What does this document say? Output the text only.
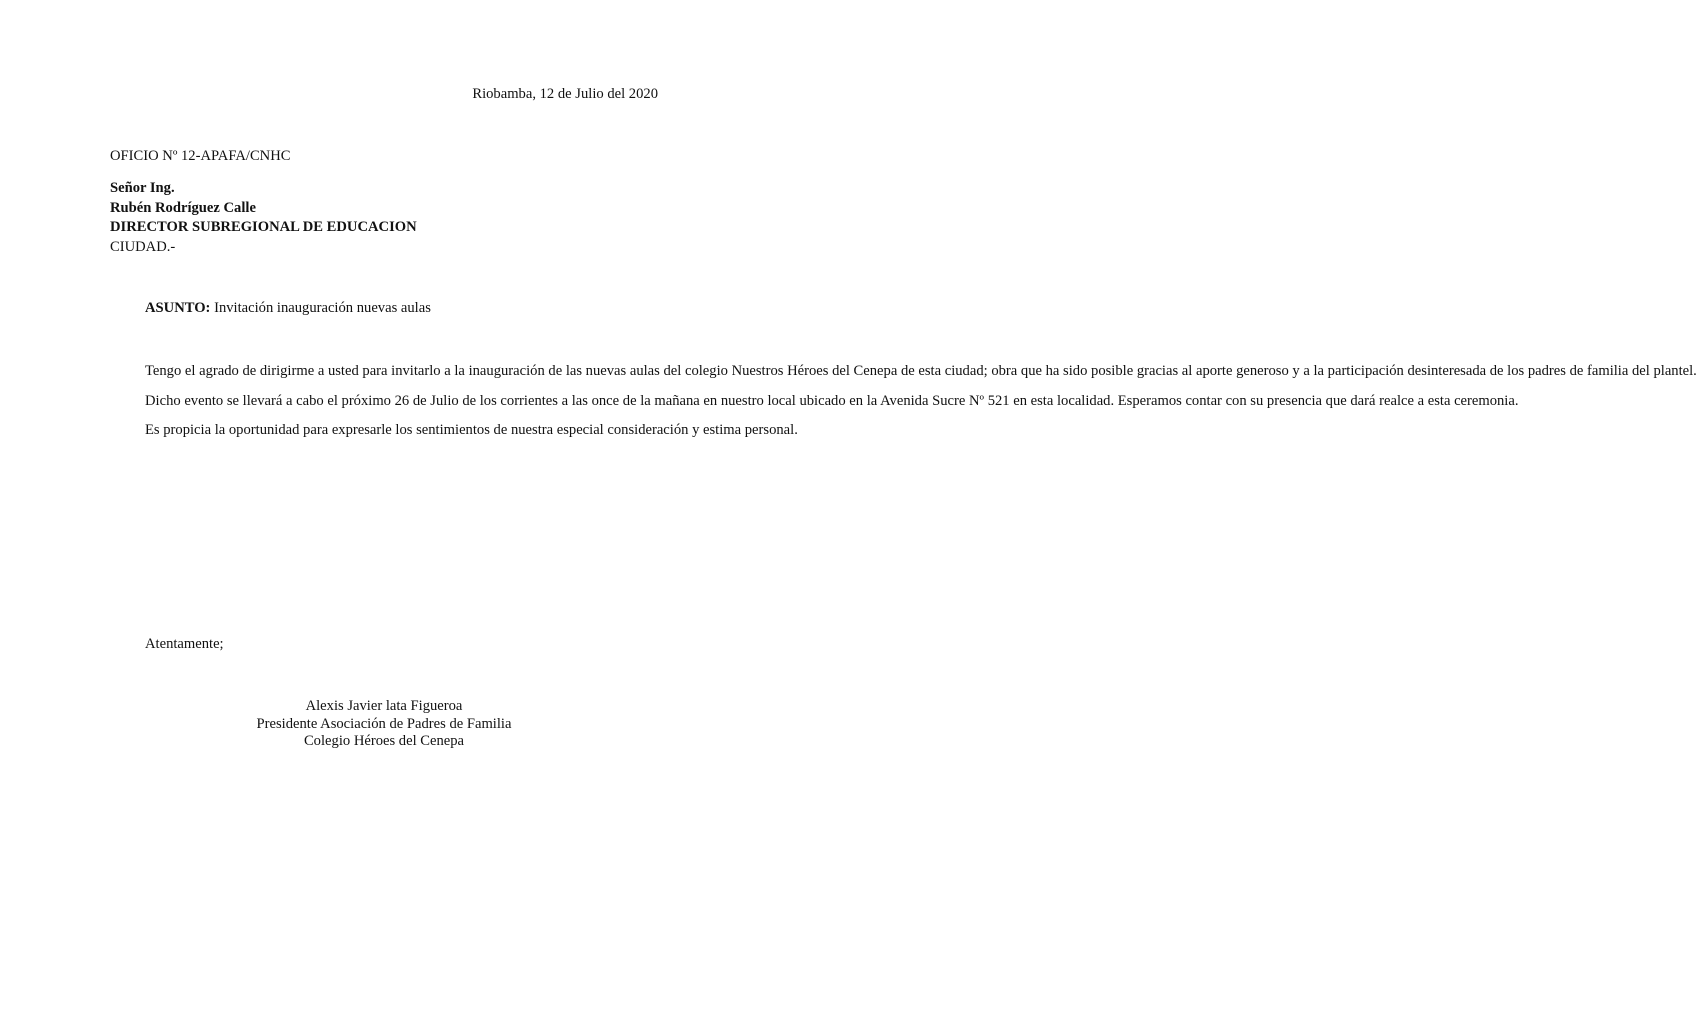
Riobamba, 12 de Julio del 2020
OFICIO Nº 12-APAFA/CNHC
Señor Ing.
Rubén Rodríguez Calle
DIRECTOR SUBREGIONAL DE EDUCACION
CIUDAD.-
ASUNTO: Invitación inauguración nuevas aulas

Tengo el agrado de dirigirme a usted para invitarlo a la inauguración de las nuevas aulas del colegio Nuestros Héroes del Cenepa de esta ciudad; obra que ha sido posible gracias al aporte generoso y a la participación desinteresada de los padres de familia del plantel.

Dicho evento se llevará a cabo el próximo 26 de Julio de los corrientes a las once de la mañana en nuestro local ubicado en la Avenida Sucre Nº 521 en esta localidad. Esperamos contar con su presencia que dará realce a esta ceremonia.

Es propicia la oportunidad para expresarle los sentimientos de nuestra especial consideración y estima personal.

Atentamente;
Alexis Javier lata Figueroa
Presidente Asociación de Padres de Familia
Colegio Héroes del Cenepa
